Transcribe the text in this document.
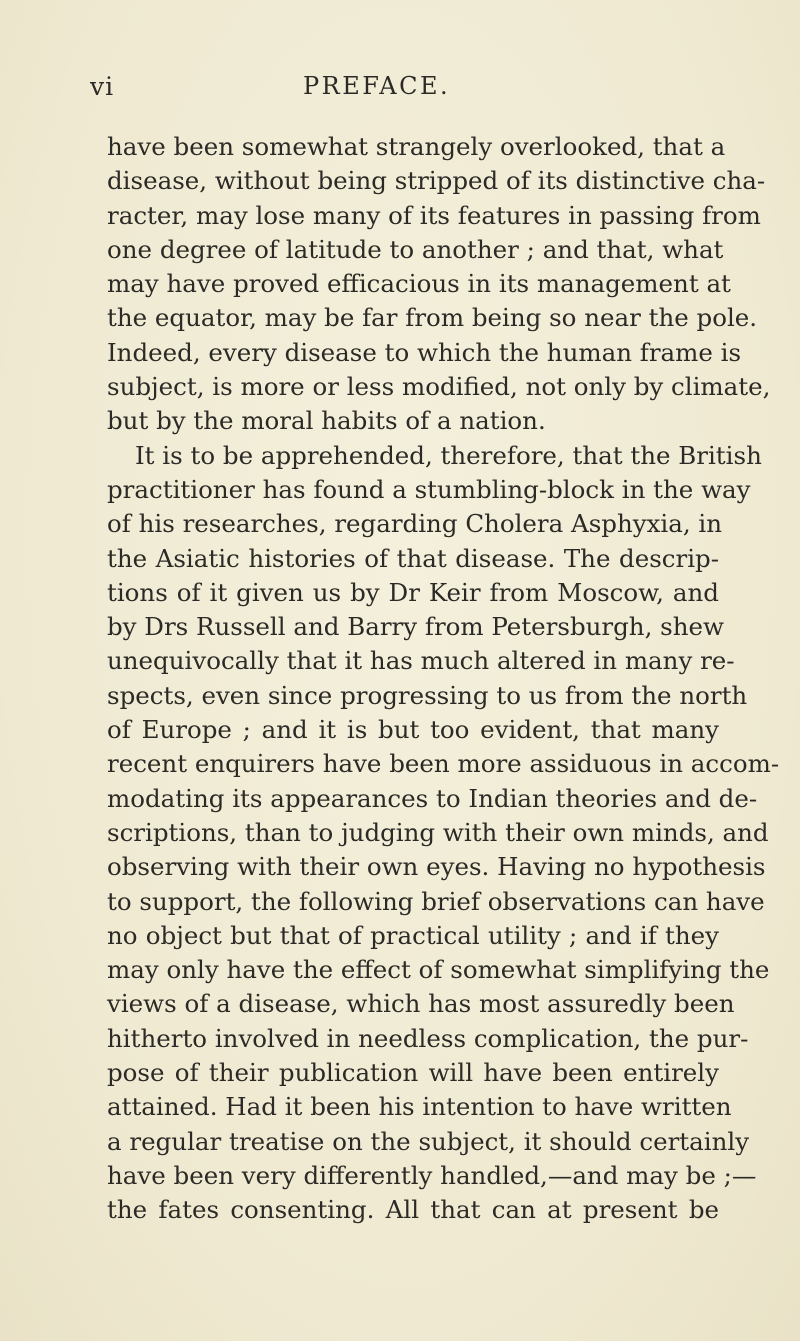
vi	PREFACE.
have been somewhat strangely overlooked, that a
disease, without being stripped of its distinctive cha-
racter, may lose many of its features in passing from
one degree of latitude to another ; and that, what
may have proved efficacious in its management at
the equator, may be far from being so near the pole.
Indeed, every disease to which the human frame is
subject, is more or less modified, not only by climate,
but by the moral habits of a nation.
It is to be apprehended, therefore, that the British
practitioner has found a stumbling-block in the way
of his researches, regarding Cholera Asphyxia, in
the Asiatic histories of that disease. The descrip-
tions of it given us by Dr Keir from Moscow, and
by Drs Russell and Barry from Petersburgh, shew
unequivocally that it has much altered in many re-
spects, even since progressing to us from the north
of Europe ; and it is but too evident, that many
recent enquirers have been more assiduous in accom-
modating its appearances to Indian theories and de-
scriptions, than to judging with their own minds, and
observing with their own eyes. Having no hypothesis
to support, the following brief observations can have
no object but that of practical utility ; and if they
may only have the effect of somewhat simplifying the
views of a disease, which has most assuredly been
hitherto involved in needless complication, the pur-
pose of their publication will have been entirely
attained. Had it been his intention to have written
a regular treatise on the subject, it should certainly
have been very differently handled,—and may be ;—
the fates consenting. All that can at present be
